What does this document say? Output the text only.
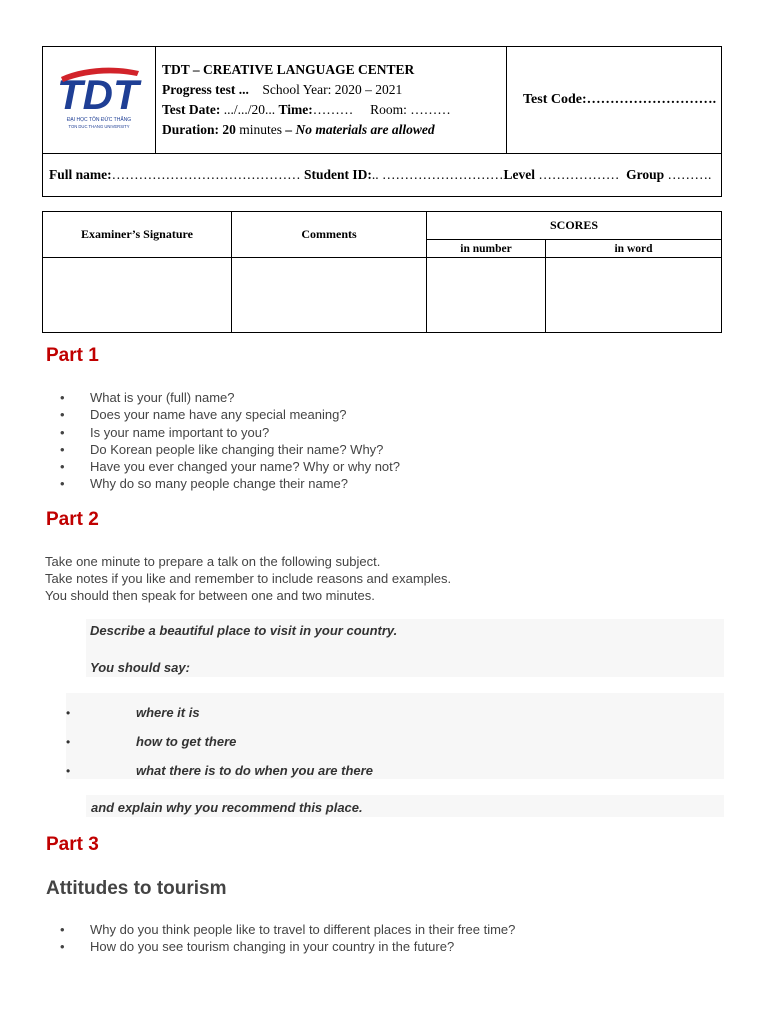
TDT
ĐẠI HỌC TÔN ĐỨC THẮNG
TON DUC THANG UNIVERSITY

TDT – CREATIVE LANGUAGE CENTER
Progress test ... School Year: 2020 – 2021
Test Date: .../.../20... Time:……… Room: ………
Duration: 20 minutes – No materials are allowed
	Test Code:……………………….
Full name:…………………………………… Student ID:.. ………………………Level ……………… Group ……….
Examiner’s Signature	Comments	SCORES	
		in number	in word

Part 1
• What is your (full) name?
• Does your name have any special meaning?
• Is your name important to you?
• Do Korean people like changing their name? Why?
• Have you ever changed your name? Why or why not?
• Why do so many people change their name?
Part 2
Take one minute to prepare a talk on the following subject.
Take notes if you like and remember to include reasons and examples.
You should then speak for between one and two minutes.
Describe a beautiful place to visit in your country.
You should say:
•	where it is
•	how to get there
•	what there is to do when you are there
and explain why you recommend this place.
Part 3
Attitudes to tourism
• Why do you think people like to travel to different places in their free time?
• How do you see tourism changing in your country in the future?
